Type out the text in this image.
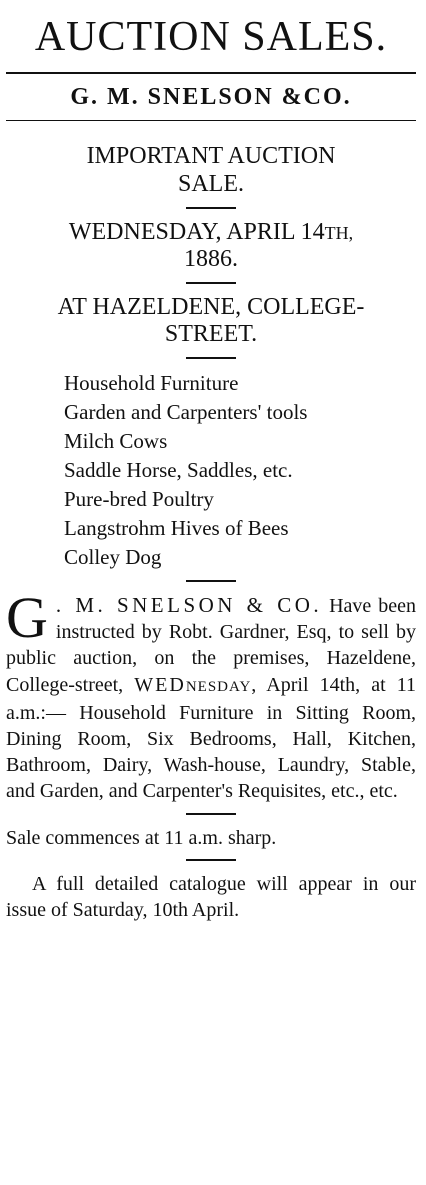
AUCTION SALES.
G. M. SNELSON &CO.

IMPORTANT AUCTION
SALE.

WEDNESDAY, APRIL 14TH,
1886.

AT HAZELDENE, COLLEGE-
STREET.

Household Furniture
Garden and Carpenters' tools
Milch Cows
Saddle Horse, Saddles, etc.
Pure-bred Poultry
Langstrohm Hives of Bees
Colley Dog
G . M. SNELSON & CO. Have been instructed by Robt. Gardner, Esq, to sell by public auction, on the premises, Hazeldene, College-street, WEDNESDAY, April 14th, at 11 a.m.:— Household Furniture in Sitting Room, Dining Room, Six Bedrooms, Hall, Kitchen, Bathroom, Dairy, Wash-house, Laundry, Stable, and Garden, and Carpenter's Requisites, etc., etc.

Sale commences at 11 a.m. sharp.

A full detailed catalogue will appear in our issue of Saturday, 10th April.
